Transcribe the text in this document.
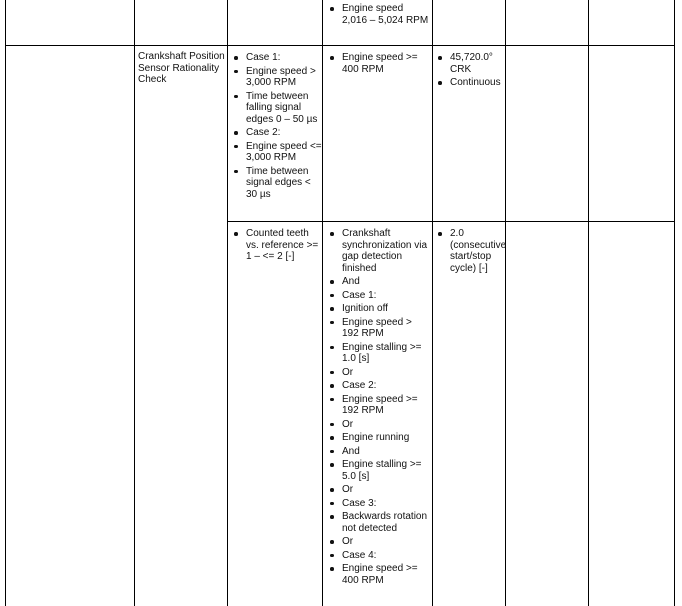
Engine speed 2,016 – 5,024 RPM

Crankshaft Position Sensor Rationality Check

Case 1:
Engine speed > 3,000 RPM
Time between falling signal edges 0 – 50 µs
Case 2:
Engine speed <= 3,000 RPM
Time between signal edges < 30 µs
Engine speed >= 400 RPM
45,720.0° CRK
Continuous
Counted teeth vs. reference >= 1 – <= 2 [-]
Crankshaft synchronization via gap detection finished
And
Case 1:
Ignition off
Engine speed > 192 RPM
Engine stalling >= 1.0 [s]
Or
Case 2:
Engine speed >= 192 RPM
Or
Engine running
And
Engine stalling >= 5.0 [s]
Or
Case 3:
Backwards rotation not detected
Or
Case 4:
Engine speed >= 400 RPM
2.0 (consecutive start/stop cycle) [-]
